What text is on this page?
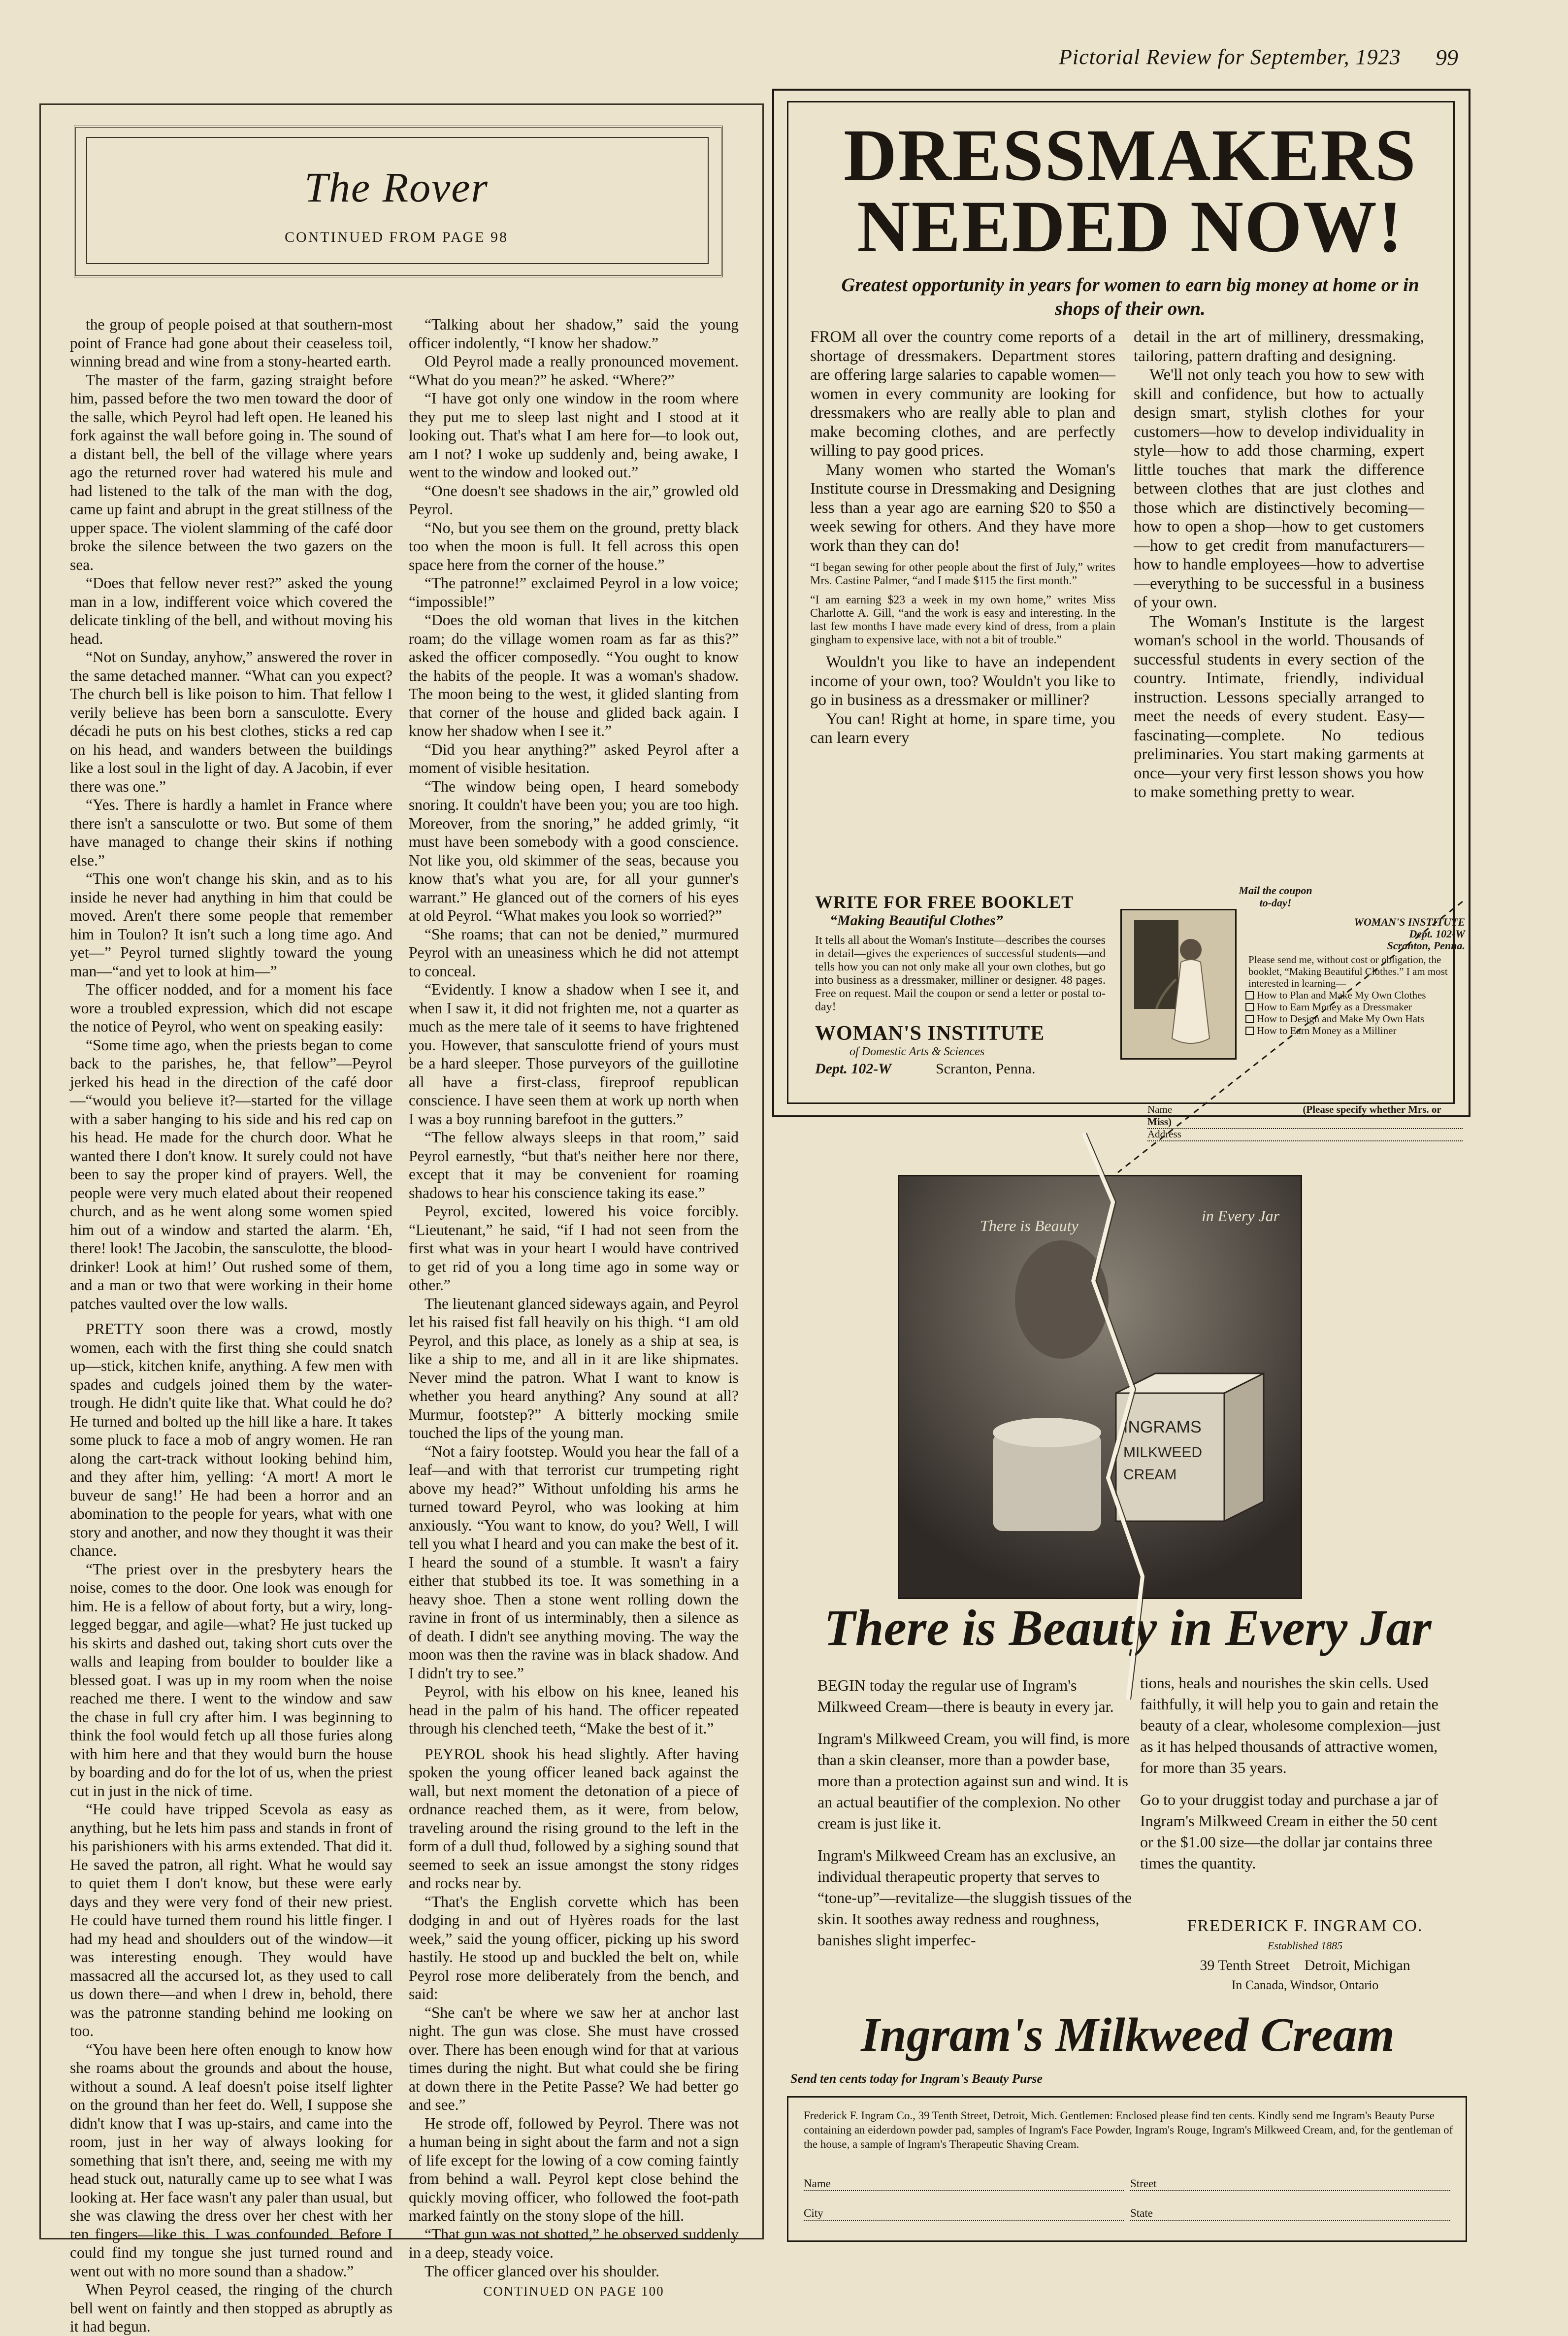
Pictorial Review for September, 1923 99
The Rover
CONTINUED FROM PAGE 98

the group of people poised at that southern-most point of France had gone about their ceaseless toil, winning bread and wine from a stony-hearted earth.

The master of the farm, gazing straight before him, passed before the two men toward the door of the salle, which Peyrol had left open. He leaned his fork against the wall before going in. The sound of a distant bell, the bell of the village where years ago the returned rover had watered his mule and had listened to the talk of the man with the dog, came up faint and abrupt in the great stillness of the upper space. The violent slamming of the café door broke the silence between the two gazers on the sea.

“Does that fellow never rest?” asked the young man in a low, indifferent voice which covered the delicate tinkling of the bell, and without moving his head.

“Not on Sunday, anyhow,” answered the rover in the same detached manner. “What can you expect? The church bell is like poison to him. That fellow I verily believe has been born a sansculotte. Every décadi he puts on his best clothes, sticks a red cap on his head, and wanders between the buildings like a lost soul in the light of day. A Jacobin, if ever there was one.”

“Yes. There is hardly a hamlet in France where there isn't a sansculotte or two. But some of them have managed to change their skins if nothing else.”

“This one won't change his skin, and as to his inside he never had anything in him that could be moved. Aren't there some people that remember him in Toulon? It isn't such a long time ago. And yet—” Peyrol turned slightly toward the young man—“and yet to look at him—”

The officer nodded, and for a moment his face wore a troubled expression, which did not escape the notice of Peyrol, who went on speaking easily:

“Some time ago, when the priests began to come back to the parishes, he, that fellow”—Peyrol jerked his head in the direction of the café door—“would you believe it?—started for the village with a saber hanging to his side and his red cap on his head. He made for the church door. What he wanted there I don't know. It surely could not have been to say the proper kind of prayers. Well, the people were very much elated about their reopened church, and as he went along some women spied him out of a window and started the alarm. ‘Eh, there! look! The Jacobin, the sansculotte, the blood-drinker! Look at him!’ Out rushed some of them, and a man or two that were working in their home patches vaulted over the low walls.

PRETTY soon there was a crowd, mostly women, each with the first thing she could snatch up—stick, kitchen knife, anything. A few men with spades and cudgels joined them by the water-trough. He didn't quite like that. What could he do? He turned and bolted up the hill like a hare. It takes some pluck to face a mob of angry women. He ran along the cart-track without looking behind him, and they after him, yelling: ‘A mort! A mort le buveur de sang!’ He had been a horror and an abomination to the people for years, what with one story and another, and now they thought it was their chance.

“The priest over in the presbytery hears the noise, comes to the door. One look was enough for him. He is a fellow of about forty, but a wiry, long-legged beggar, and agile—what? He just tucked up his skirts and dashed out, taking short cuts over the walls and leaping from boulder to boulder like a blessed goat. I was up in my room when the noise reached me there. I went to the window and saw the chase in full cry after him. I was beginning to think the fool would fetch up all those furies along with him here and that they would burn the house by boarding and do for the lot of us, when the priest cut in just in the nick of time.

“He could have tripped Scevola as easy as anything, but he lets him pass and stands in front of his parishioners with his arms extended. That did it. He saved the patron, all right. What he would say to quiet them I don't know, but these were early days and they were very fond of their new priest. He could have turned them round his little finger. I had my head and shoulders out of the window—it was interesting enough. They would have massacred all the accursed lot, as they used to call us down there—and when I drew in, behold, there was the patronne standing behind me looking on too.

“You have been here often enough to know how she roams about the grounds and about the house, without a sound. A leaf doesn't poise itself lighter on the ground than her feet do. Well, I suppose she didn't know that I was up-stairs, and came into the room, just in her way of always looking for something that isn't there, and, seeing me with my head stuck out, naturally came up to see what I was looking at. Her face wasn't any paler than usual, but she was clawing the dress over her chest with her ten fingers—like this. I was confounded. Before I could find my tongue she just turned round and went out with no more sound than a shadow.”

When Peyrol ceased, the ringing of the church bell went on faintly and then stopped as abruptly as it had begun.

“Talking about her shadow,” said the young officer indolently, “I know her shadow.”

Old Peyrol made a really pronounced movement. “What do you mean?” he asked. “Where?”

“I have got only one window in the room where they put me to sleep last night and I stood at it looking out. That's what I am here for—to look out, am I not? I woke up suddenly and, being awake, I went to the window and looked out.”

“One doesn't see shadows in the air,” growled old Peyrol.

“No, but you see them on the ground, pretty black too when the moon is full. It fell across this open space here from the corner of the house.”

“The patronne!” exclaimed Peyrol in a low voice; “impossible!”

“Does the old woman that lives in the kitchen roam; do the village women roam as far as this?” asked the officer composedly. “You ought to know the habits of the people. It was a woman's shadow. The moon being to the west, it glided slanting from that corner of the house and glided back again. I know her shadow when I see it.”

“Did you hear anything?” asked Peyrol after a moment of visible hesitation.

“The window being open, I heard somebody snoring. It couldn't have been you; you are too high. Moreover, from the snoring,” he added grimly, “it must have been somebody with a good conscience. Not like you, old skimmer of the seas, because you know that's what you are, for all your gunner's warrant.” He glanced out of the corners of his eyes at old Peyrol. “What makes you look so worried?”

“She roams; that can not be denied,” murmured Peyrol with an uneasiness which he did not attempt to conceal.

“Evidently. I know a shadow when I see it, and when I saw it, it did not frighten me, not a quarter as much as the mere tale of it seems to have frightened you. However, that sansculotte friend of yours must be a hard sleeper. Those purveyors of the guillotine all have a first-class, fireproof republican conscience. I have seen them at work up north when I was a boy running barefoot in the gutters.”

“The fellow always sleeps in that room,” said Peyrol earnestly, “but that's neither here nor there, except that it may be convenient for roaming shadows to hear his conscience taking its ease.”

Peyrol, excited, lowered his voice forcibly. “Lieutenant,” he said, “if I had not seen from the first what was in your heart I would have contrived to get rid of you a long time ago in some way or other.”

The lieutenant glanced sideways again, and Peyrol let his raised fist fall heavily on his thigh. “I am old Peyrol, and this place, as lonely as a ship at sea, is like a ship to me, and all in it are like shipmates. Never mind the patron. What I want to know is whether you heard anything? Any sound at all? Murmur, footstep?” A bitterly mocking smile touched the lips of the young man.

“Not a fairy footstep. Would you hear the fall of a leaf—and with that terrorist cur trumpeting right above my head?” Without unfolding his arms he turned toward Peyrol, who was looking at him anxiously. “You want to know, do you? Well, I will tell you what I heard and you can make the best of it. I heard the sound of a stumble. It wasn't a fairy either that stubbed its toe. It was something in a heavy shoe. Then a stone went rolling down the ravine in front of us interminably, then a silence as of death. I didn't see anything moving. The way the moon was then the ravine was in black shadow. And I didn't try to see.”

Peyrol, with his elbow on his knee, leaned his head in the palm of his hand. The officer repeated through his clenched teeth, “Make the best of it.”

PEYROL shook his head slightly. After having spoken the young officer leaned back against the wall, but next moment the detonation of a piece of ordnance reached them, as it were, from below, traveling around the rising ground to the left in the form of a dull thud, followed by a sighing sound that seemed to seek an issue amongst the stony ridges and rocks near by.

“That's the English corvette which has been dodging in and out of Hyères roads for the last week,” said the young officer, picking up his sword hastily. He stood up and buckled the belt on, while Peyrol rose more deliberately from the bench, and said:

“She can't be where we saw her at anchor last night. The gun was close. She must have crossed over. There has been enough wind for that at various times during the night. But what could she be firing at down there in the Petite Passe? We had better go and see.”

He strode off, followed by Peyrol. There was not a human being in sight about the farm and not a sign of life except for the lowing of a cow coming faintly from behind a wall. Peyrol kept close behind the quickly moving officer, who followed the foot-path marked faintly on the stony slope of the hill.

“That gun was not shotted,” he observed suddenly in a deep, steady voice.

The officer glanced over his shoulder.

CONTINUED ON PAGE 100

DRESSMAKERS
NEEDED NOW!
Greatest opportunity in years for women to earn big money at home or in shops of their own.

FROM all over the country come reports of a shortage of dressmakers. Department stores are offering large salaries to capable women—women in every community are looking for dressmakers who are really able to plan and make becoming clothes, and are perfectly willing to pay good prices.

Many women who started the Woman's Institute course in Dressmaking and Designing less than a year ago are earning $20 to $50 a week sewing for others. And they have more work than they can do!

“I began sewing for other people about the first of July,” writes Mrs. Castine Palmer, “and I made $115 the first month.”

“I am earning $23 a week in my own home,” writes Miss Charlotte A. Gill, “and the work is easy and interesting. In the last few months I have made every kind of dress, from a plain gingham to expensive lace, with not a bit of trouble.”

Wouldn't you like to have an independent income of your own, too? Wouldn't you like to go in business as a dressmaker or milliner?

You can! Right at home, in spare time, you can learn every

detail in the art of millinery, dressmaking, tailoring, pattern drafting and designing.

We'll not only teach you how to sew with skill and confidence, but how to actually design smart, stylish clothes for your customers—how to develop individuality in style—how to add those charming, expert little touches that mark the difference between clothes that are just clothes and those which are distinctively becoming—how to open a shop—how to get customers—how to get credit from manufacturers—how to handle employees—how to advertise—everything to be successful in a business of your own.

The Woman's Institute is the largest woman's school in the world. Thousands of successful students in every section of the country. Intimate, friendly, individual instruction. Lessons specially arranged to meet the needs of every student. Easy—fascinating—complete. No tedious preliminaries. You start making garments at once—your very first lesson shows you how to make something pretty to wear.

WRITE FOR FREE BOOKLET
“Making Beautiful Clothes”
It tells all about the Woman's Institute—describes the courses in detail—gives the experiences of successful students—and tells how you can not only make all your own clothes, but go into business as a dressmaker, milliner or designer. 48 pages. Free on request. Mail the coupon or send a letter or postal to-day!
WOMAN'S INSTITUTE
of Domestic Arts & Sciences
Dept. 102-W	Scranton, Penna.
Mail the coupon to-day!
WOMAN'S INSTITUTE
Dept. 102-W
Scranton, Penna.
Please send me, without cost or obligation, the booklet, “Making Beautiful Clothes.” I am most interested in learning—
How to Plan and Make My Own Clothes
How to Earn Money as a Dressmaker
How to Design and Make My Own Hats
How to Earn Money as a Milliner
Name	(Please specify whether Mrs. or Miss)
Address
INGRAMS
MILKWEED
CREAM
There is Beauty
in Every Jar
There is Beauty in Every Jar

BEGIN today the regular use of Ingram's Milkweed Cream—there is beauty in every jar.

Ingram's Milkweed Cream, you will find, is more than a skin cleanser, more than a powder base, more than a protection against sun and wind. It is an actual beautifier of the complexion. No other cream is just like it.

Ingram's Milkweed Cream has an exclusive, an individual therapeutic property that serves to “tone-up”—revitalize—the sluggish tissues of the skin. It soothes away redness and roughness, banishes slight imperfec-

tions, heals and nourishes the skin cells. Used faithfully, it will help you to gain and retain the beauty of a clear, wholesome complexion—just as it has helped thousands of attractive women, for more than 35 years.

Go to your druggist today and purchase a jar of Ingram's Milkweed Cream in either the 50 cent or the $1.00 size—the dollar jar contains three times the quantity.

FREDERICK F. INGRAM CO.
Established 1885
39 Tenth Street Detroit, Michigan
In Canada, Windsor, Ontario
Ingram's Milkweed Cream
Send ten cents today for Ingram's Beauty Purse
Frederick F. Ingram Co., 39 Tenth Street, Detroit, Mich. Gentlemen: Enclosed please find ten cents. Kindly send me Ingram's Beauty Purse containing an eiderdown powder pad, samples of Ingram's Face Powder, Ingram's Rouge, Ingram's Milkweed Cream, and, for the gentleman of the house, a sample of Ingram's Therapeutic Shaving Cream.
Name	Street
City	State
